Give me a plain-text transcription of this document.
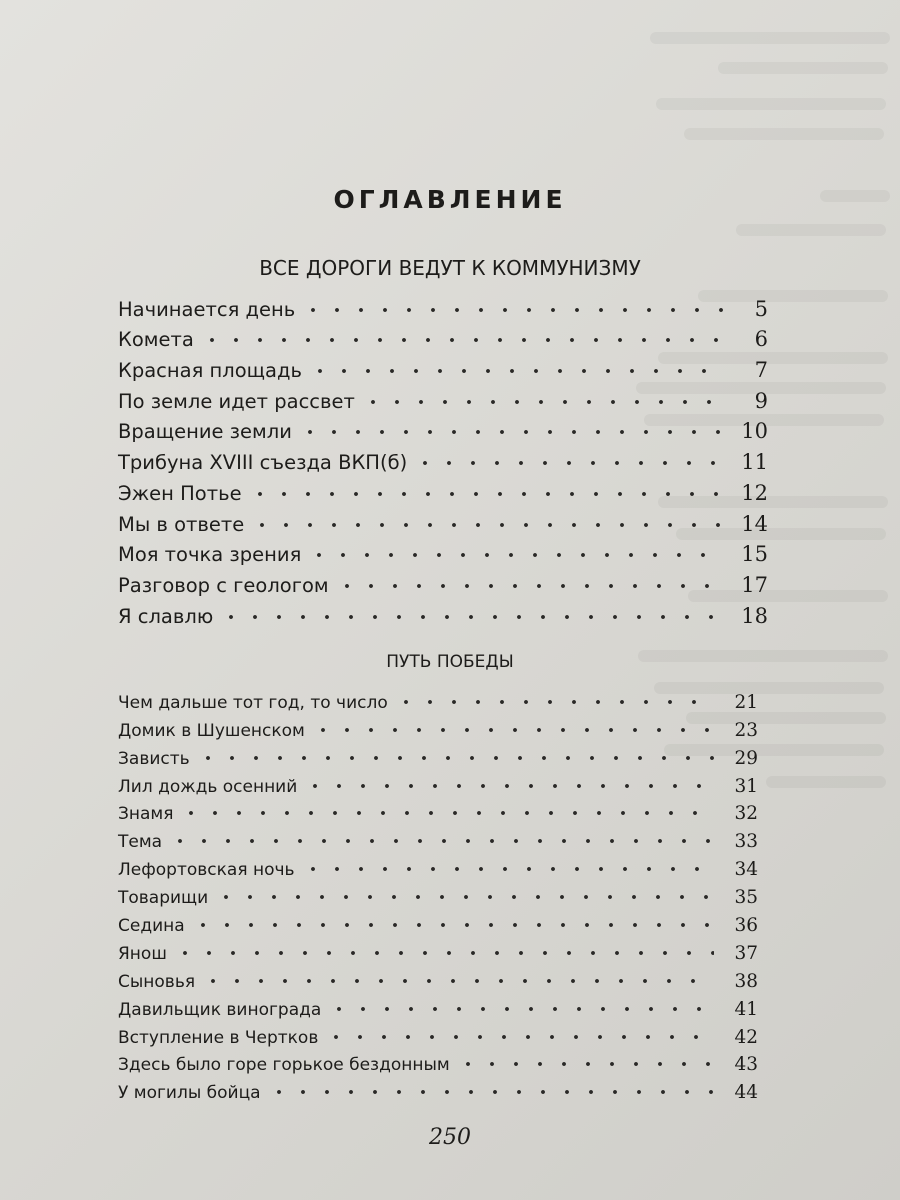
ОГЛАВЛЕНИЕ
ВСЕ ДОРОГИ ВЕДУТ К КОММУНИЗМУ
Начинается день	5
Комета	6
Красная площадь	7
По земле идет рассвет	9
Вращение земли	10
Трибуна XVIII съезда ВКП(б)	11
Эжен Потье	12
Мы в ответе	14
Моя точка зрения	15
Разговор с геологом	17
Я славлю	18
ПУТЬ ПОБЕДЫ
Чем дальше тот год, то число	21
Домик в Шушенском	23
Зависть	29
Лил дождь осенний	31
Знамя	32
Тема	33
Лефортовская ночь	34
Товарищи	35
Седина	36
Янош	37
Сыновья	38
Давильщик винограда	41
Вступление в Чертков	42
Здесь было горе горькое бездонным	43
У могилы бойца	44
250
